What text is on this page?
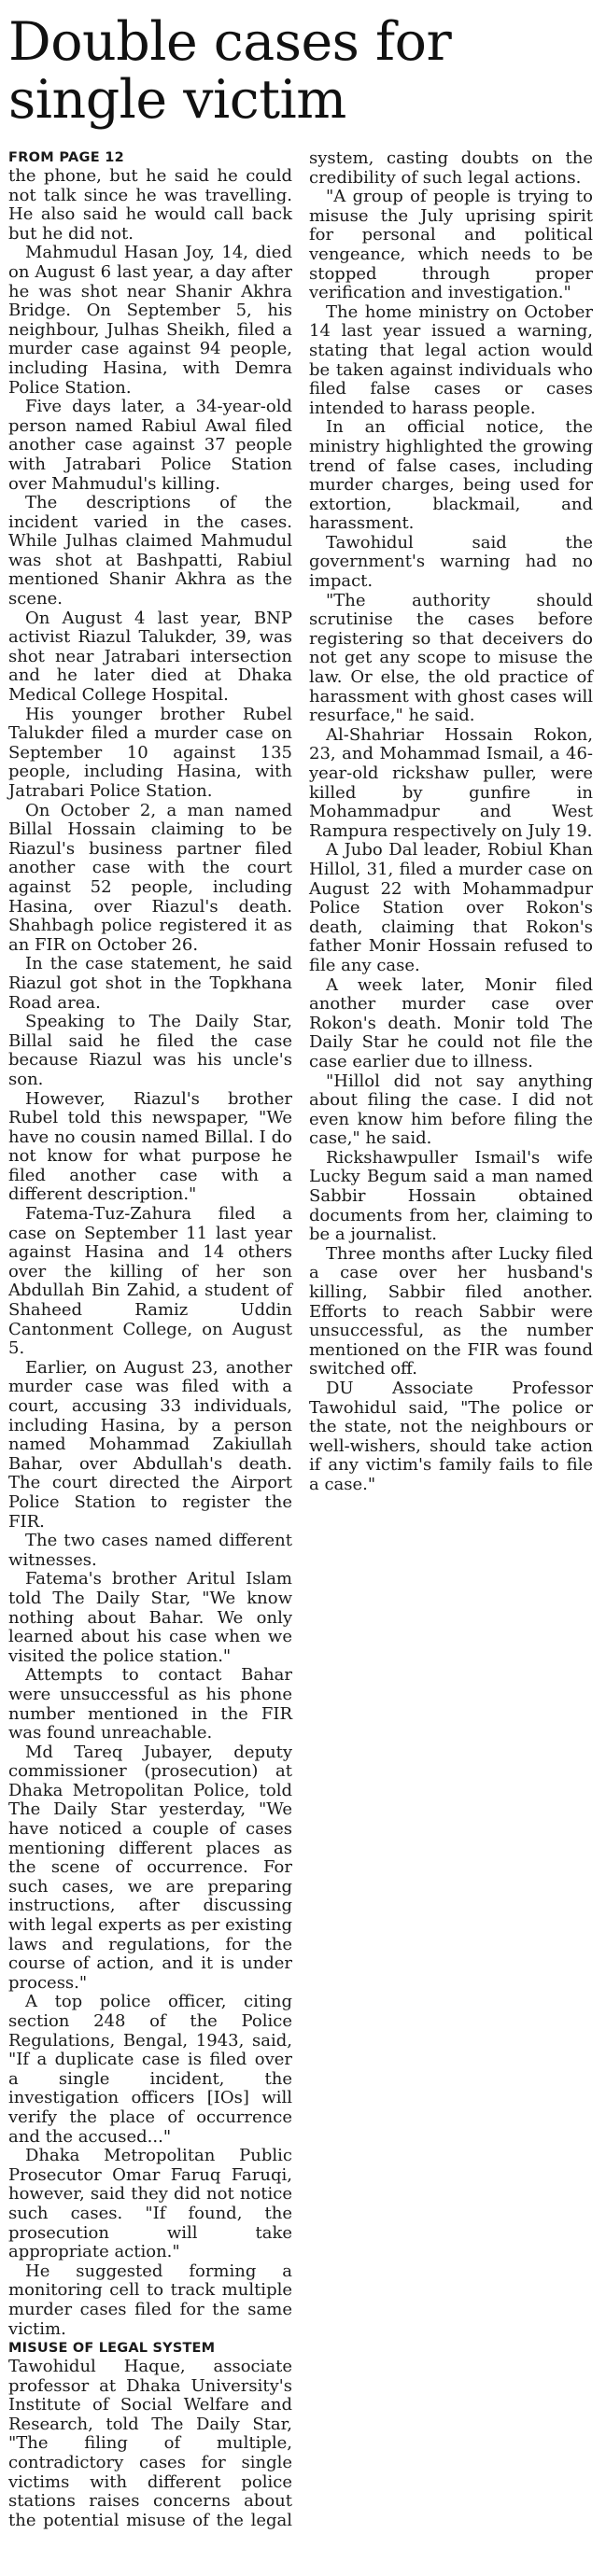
Double cases for single victim
FROM PAGE 12

the phone, but he said he could not talk since he was travelling. He also said he would call back but he did not.

Mahmudul Hasan Joy, 14, died on August 6 last year, a day after he was shot near Shanir Akhra Bridge. On September 5, his neighbour, Julhas Sheikh, filed a murder case against 94 people, including Hasina, with Demra Police Station.

Five days later, a 34-year-old person named Rabiul Awal filed another case against 37 people with Jatrabari Police Station over Mahmudul's killing.

The descriptions of the incident varied in the cases. While Julhas claimed Mahmudul was shot at Bashpatti, Rabiul mentioned Shanir Akhra as the scene.

On August 4 last year, BNP activist Riazul Talukder, 39, was shot near Jatrabari intersection and he later died at Dhaka Medical College Hospital.

His younger brother Rubel Talukder filed a murder case on September 10 against 135 people, including Hasina, with Jatrabari Police Station.

On October 2, a man named Billal Hossain claiming to be Riazul's business partner filed another case with the court against 52 people, including Hasina, over Riazul's death. Shahbagh police registered it as an FIR on October 26.

In the case statement, he said Riazul got shot in the Topkhana Road area.

Speaking to The Daily Star, Billal said he filed the case because Riazul was his uncle's son.

However, Riazul's brother Rubel told this newspaper, "We have no cousin named Billal. I do not know for what purpose he filed another case with a different description."

Fatema-Tuz-Zahura filed a case on September 11 last year against Hasina and 14 others over the killing of her son Abdullah Bin Zahid, a student of Shaheed Ramiz Uddin Cantonment College, on August 5.

Earlier, on August 23, another murder case was filed with a court, accusing 33 individuals, including Hasina, by a person named Mohammad Zakiullah Bahar, over Abdullah's death. The court directed the Airport Police Station to register the FIR.

The two cases named different witnesses.

Fatema's brother Aritul Islam told The Daily Star, "We know nothing about Bahar. We only learned about his case when we visited the police station."

Attempts to contact Bahar were unsuccessful as his phone number mentioned in the FIR was found unreachable.

Md Tareq Jubayer, deputy commissioner (prosecution) at Dhaka Metropolitan Police, told The Daily Star yesterday, "We have noticed a couple of cases mentioning different places as the scene of occurrence. For such cases, we are preparing instructions, after discussing with legal experts as per existing laws and regulations, for the course of action, and it is under process."

A top police officer, citing section 248 of the Police Regulations, Bengal, 1943, said, "If a duplicate case is filed over a single incident, the investigation officers [IOs] will verify the place of occurrence and the accused..."

Dhaka Metropolitan Public Prosecutor Omar Faruq Faruqi, however, said they did not notice such cases. "If found, the prosecution will take appropriate action."

He suggested forming a monitoring cell to track multiple murder cases filed for the same victim.

MISUSE OF LEGAL SYSTEM

Tawohidul Haque, associate professor at Dhaka University's Institute of Social Welfare and Research, told The Daily Star, "The filing of multiple, contradictory cases for single victims with different police stations raises concerns about the potential misuse of the legal system, casting doubts on the credibility of such legal actions.

"A group of people is trying to misuse the July uprising spirit for personal and political vengeance, which needs to be stopped through proper verification and investigation."

The home ministry on October 14 last year issued a warning, stating that legal action would be taken against individuals who filed false cases or cases intended to harass people.

In an official notice, the ministry highlighted the growing trend of false cases, including murder charges, being used for extortion, blackmail, and harassment.

Tawohidul said the government's warning had no impact.

"The authority should scrutinise the cases before registering so that deceivers do not get any scope to misuse the law. Or else, the old practice of harassment with ghost cases will resurface," he said.

Al-Shahriar Hossain Rokon, 23, and Mohammad Ismail, a 46-year-old rickshaw puller, were killed by gunfire in Mohammadpur and West Rampura respectively on July 19.

A Jubo Dal leader, Robiul Khan Hillol, 31, filed a murder case on August 22 with Mohammadpur Police Station over Rokon's death, claiming that Rokon's father Monir Hossain refused to file any case.

A week later, Monir filed another murder case over Rokon's death. Monir told The Daily Star he could not file the case earlier due to illness.

"Hillol did not say anything about filing the case. I did not even know him before filing the case," he said.

Rickshawpuller Ismail's wife Lucky Begum said a man named Sabbir Hossain obtained documents from her, claiming to be a journalist.

Three months after Lucky filed a case over her husband's killing, Sabbir filed another. Efforts to reach Sabbir were unsuccessful, as the number mentioned on the FIR was found switched off.

DU Associate Professor Tawohidul said, "The police or the state, not the neighbours or well-wishers, should take action if any victim's family fails to file a case."
